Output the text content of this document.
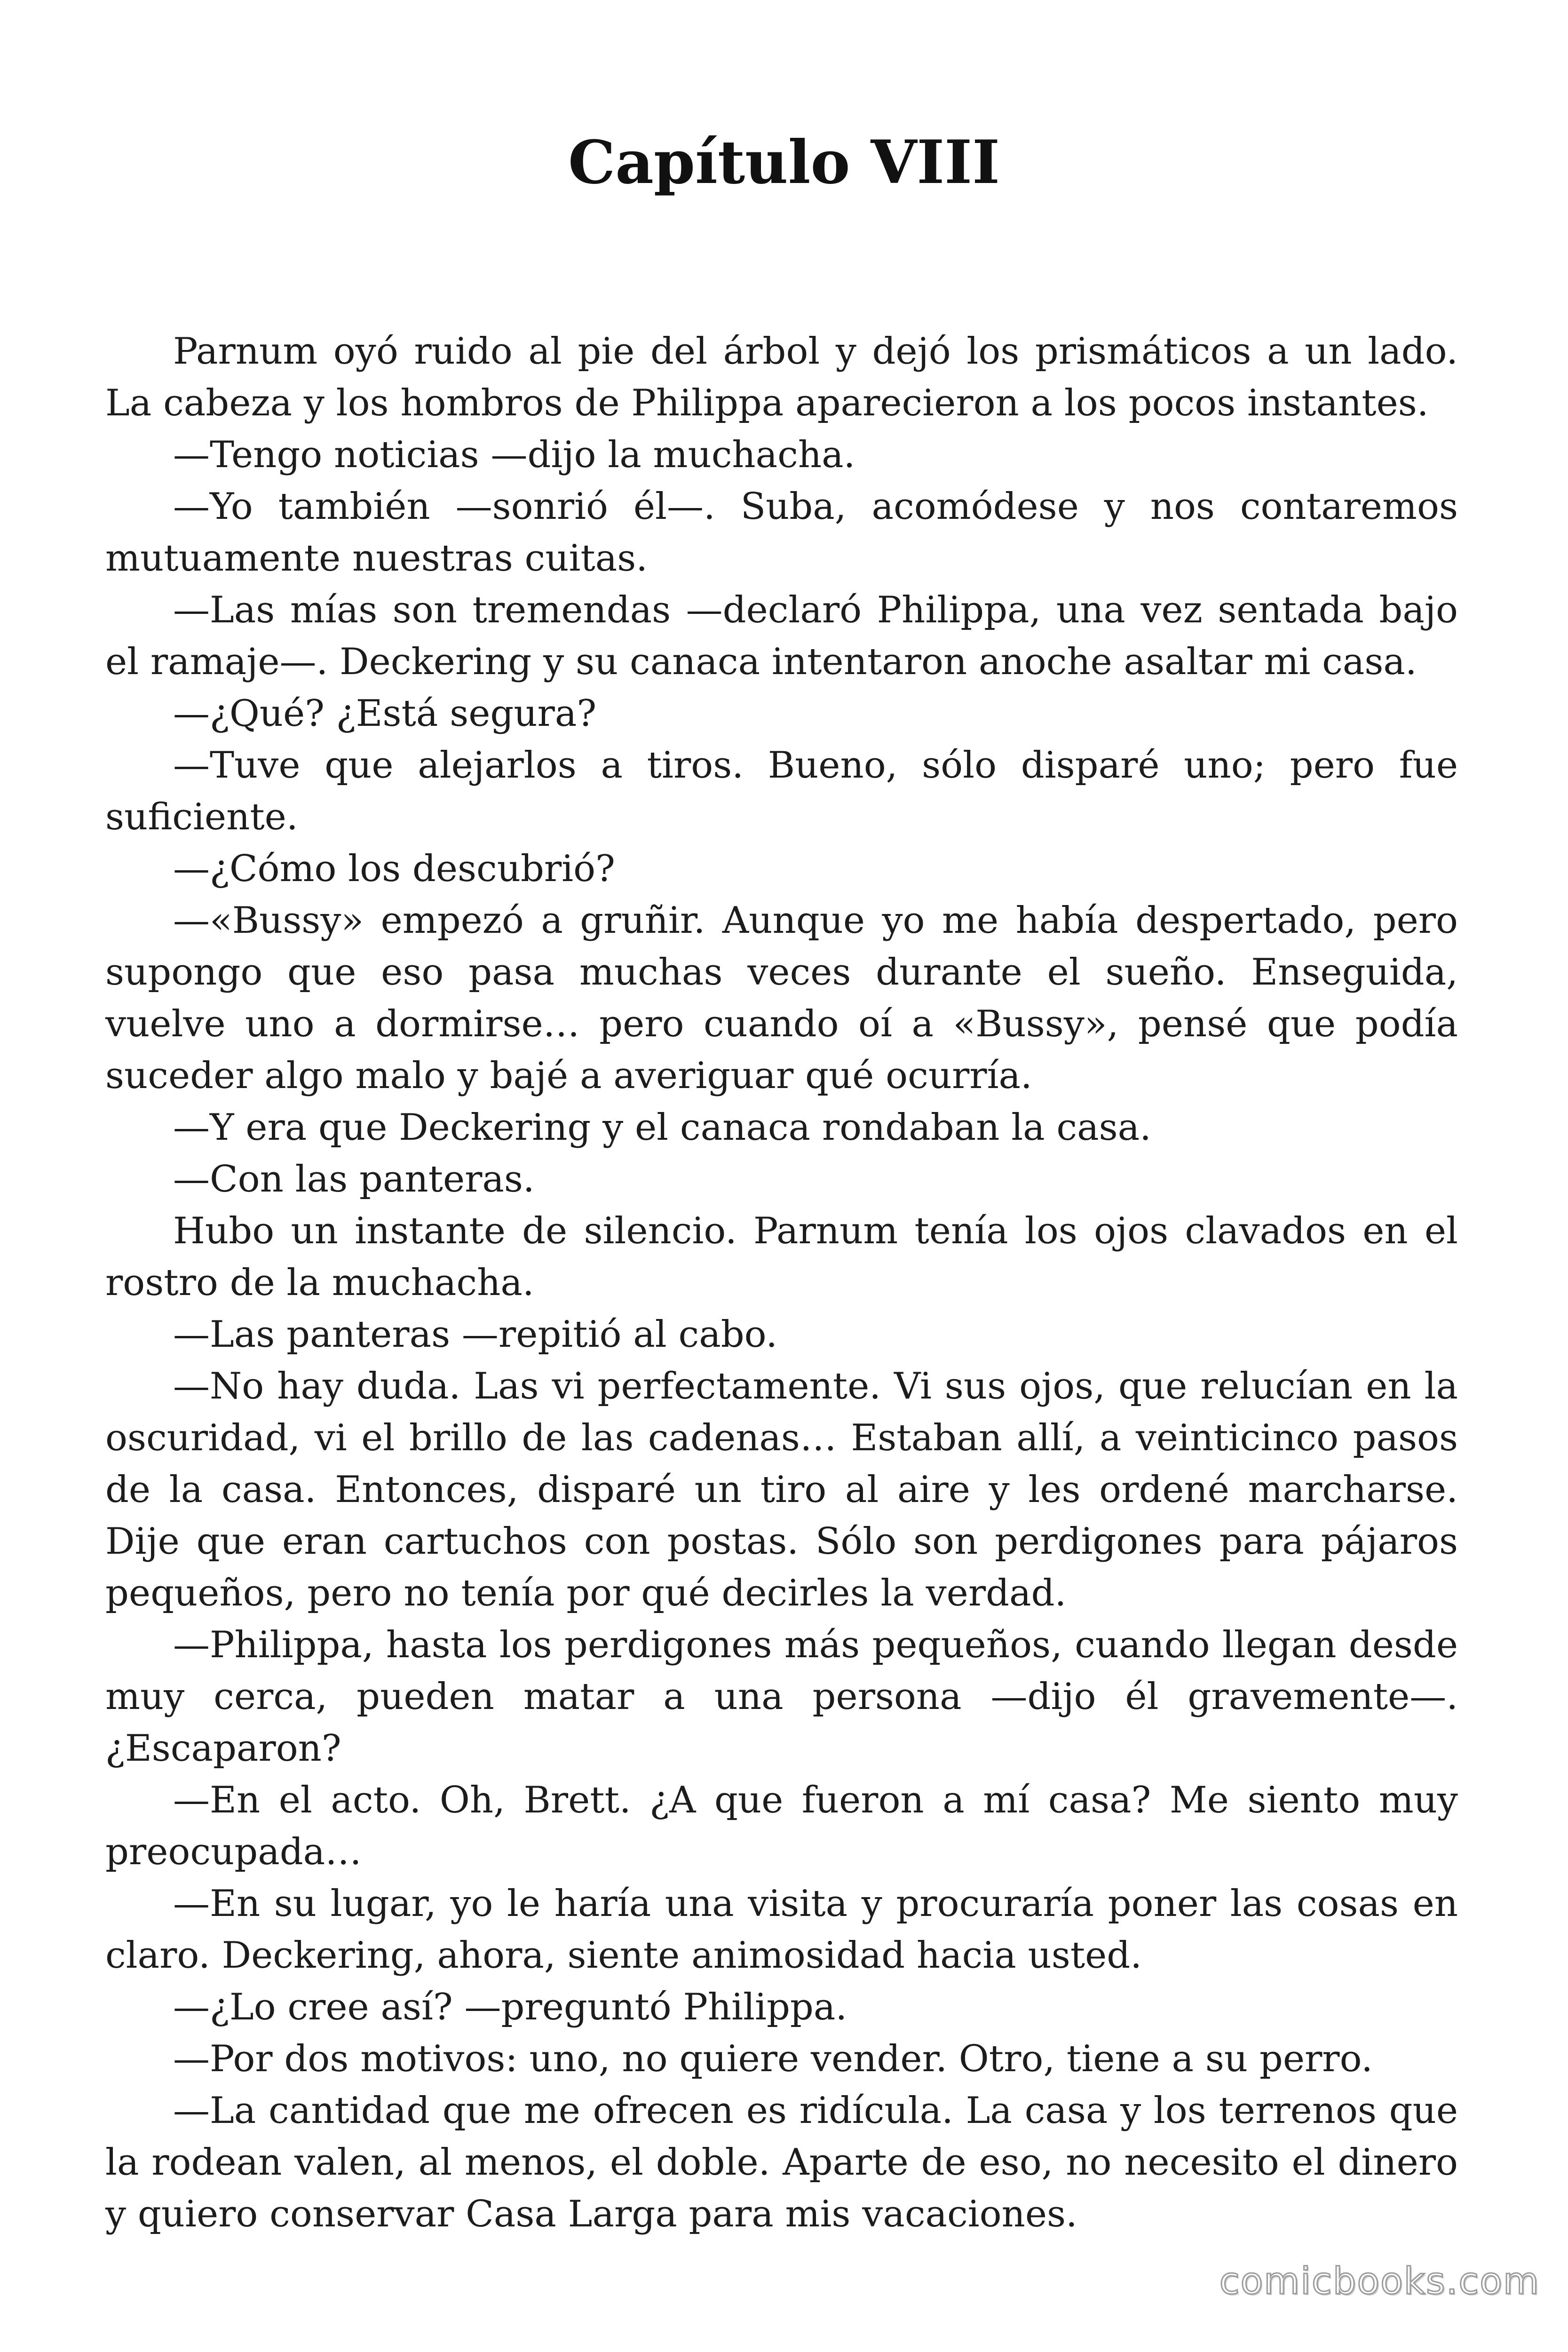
Capítulo VIII

Parnum oyó ruido al pie del árbol y dejó los prismáticos a un lado. La cabeza y los hombros de Philippa aparecieron a los pocos instantes.

—Tengo noticias —dijo la muchacha.

—Yo también —sonrió él—. Suba, acomódese y nos contaremos mutuamente nuestras cuitas.

—Las mías son tremendas —declaró Philippa, una vez sentada bajo el ramaje—. Deckering y su canaca intentaron anoche asaltar mi casa.

—¿Qué? ¿Está segura?

—Tuve que alejarlos a tiros. Bueno, sólo disparé uno; pero fue suficiente.

—¿Cómo los descubrió?

—«Bussy» empezó a gruñir. Aunque yo me había despertado, pero supongo que eso pasa muchas veces durante el sueño. Enseguida, vuelve uno a dormirse… pero cuando oí a «Bussy», pensé que podía suceder algo malo y bajé a averiguar qué ocurría.

—Y era que Deckering y el canaca rondaban la casa.

—Con las panteras.

Hubo un instante de silencio. Parnum tenía los ojos clavados en el rostro de la muchacha.

—Las panteras —repitió al cabo.

—No hay duda. Las vi perfectamente. Vi sus ojos, que relucían en la oscuridad, vi el brillo de las cadenas… Estaban allí, a veinticinco pasos de la casa. Entonces, disparé un tiro al aire y les ordené marcharse. Dije que eran cartuchos con postas. Sólo son perdigones para pájaros pequeños, pero no tenía por qué decirles la verdad.

—Philippa, hasta los perdigones más pequeños, cuando llegan desde muy cerca, pueden matar a una persona —dijo él gravemente—. ¿Escaparon?

—En el acto. Oh, Brett. ¿A que fueron a mí casa? Me siento muy preocupada…

—En su lugar, yo le haría una visita y procuraría poner las cosas en claro. Deckering, ahora, siente animosidad hacia usted.

—¿Lo cree así? —preguntó Philippa.

—Por dos motivos: uno, no quiere vender. Otro, tiene a su perro.

—La cantidad que me ofrecen es ridícula. La casa y los terrenos que la rodean valen, al menos, el doble. Aparte de eso, no necesito el dinero y quiero conservar Casa Larga para mis vacaciones.

comicbooks.com
